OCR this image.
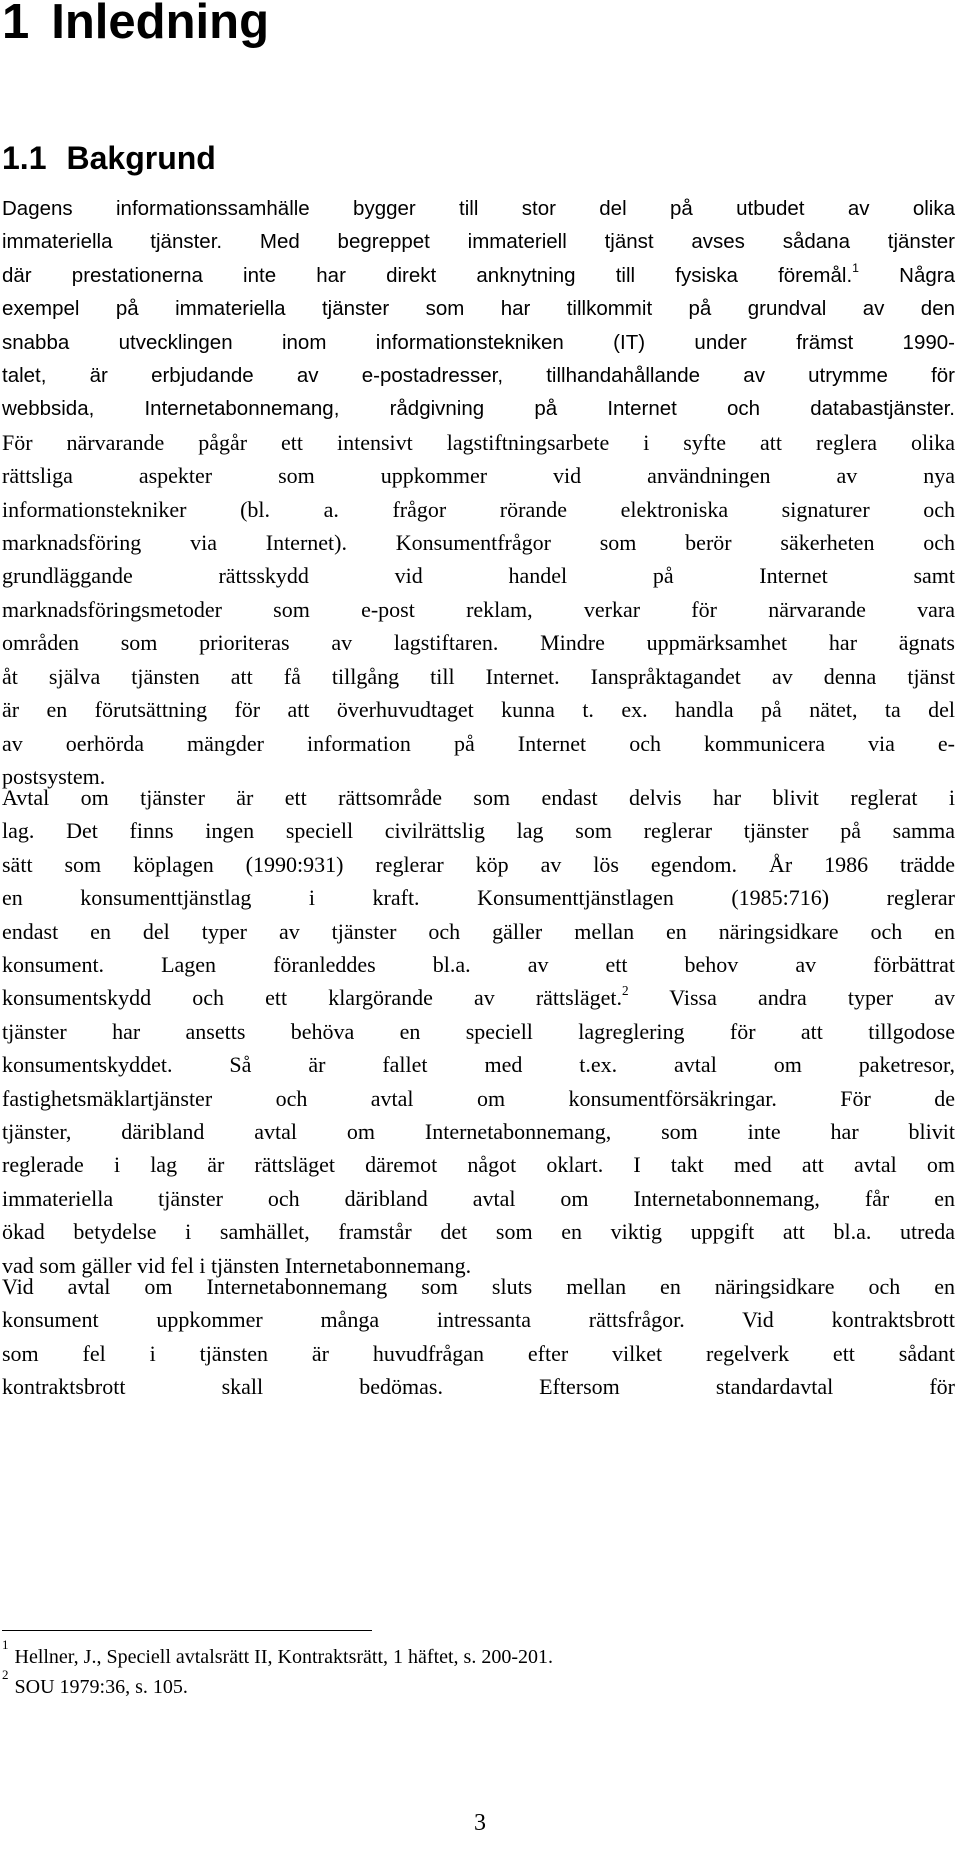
1 Inledning
1.1 Bakgrund
Dagens informationssamhälle bygger till stor del på utbudet av olika
immateriella tjänster. Med begreppet immateriell tjänst avses sådana tjänster
där prestationerna inte har direkt anknytning till fysiska föremål.$^1$ Några
exempel på immateriella tjänster som har tillkommit på grundval av den
snabba utvecklingen inom informationstekniken (IT) under främst 1990-
talet, är erbjudande av e-postadresser, tillhandahållande av utrymme för
webbsida, Internetabonnemang, rådgivning på Internet och databastjänster.
För närvarande pågår ett intensivt lagstiftningsarbete i syfte att reglera olika
rättsliga aspekter som uppkommer vid användningen av nya
informationstekniker (bl. a. frågor rörande elektroniska signaturer och
marknadsföring via Internet). Konsumentfrågor som berör säkerheten och
grundläggande rättsskydd vid handel på Internet samt
marknadsföringsmetoder som e-post reklam, verkar för närvarande vara
områden som prioriteras av lagstiftaren. Mindre uppmärksamhet har ägnats
åt själva tjänsten att få tillgång till Internet. Ianspråktagandet av denna tjänst
är en förutsättning för att överhuvudtaget kunna t. ex. handla på nätet, ta del
av oerhörda mängder information på Internet och kommunicera via e-
postsystem.
Avtal om tjänster är ett rättsområde som endast delvis har blivit reglerat i
lag. Det finns ingen speciell civilrättslig lag som reglerar tjänster på samma
sätt som köplagen (1990:931) reglerar köp av lös egendom. År 1986 trädde
en konsumenttjänstlag i kraft. Konsumenttjänstlagen (1985:716) reglerar
endast en del typer av tjänster och gäller mellan en näringsidkare och en
konsument. Lagen föranleddes bl.a. av ett behov av förbättrat
konsumentskydd och ett klargörande av rättsläget.$^2$ Vissa andra typer av
tjänster har ansetts behöva en speciell lagreglering för att tillgodose
konsumentskyddet. Så är fallet med t.ex. avtal om paketresor,
fastighetsmäklartjänster och avtal om konsumentförsäkringar. För de
tjänster, däribland avtal om Internetabonnemang, som inte har blivit
reglerade i lag är rättsläget däremot något oklart. I takt med att avtal om
immateriella tjänster och däribland avtal om Internetabonnemang, får en
ökad betydelse i samhället, framstår det som en viktig uppgift att bl.a. utreda
vad som gäller vid fel i tjänsten Internetabonnemang.
Vid avtal om Internetabonnemang som sluts mellan en näringsidkare och en
konsument uppkommer många intressanta rättsfrågor. Vid kontraktsbrott
som fel i tjänsten är huvudfrågan efter vilket regelverk ett sådant
kontraktsbrott skall bedömas. Eftersom standardavtal för
$^1$Hellner, J., Speciell avtalsrätt II, Kontraktsrätt, 1 häftet, s. 200-201.
$^2$SOU 1979:36, s. 105.
3
